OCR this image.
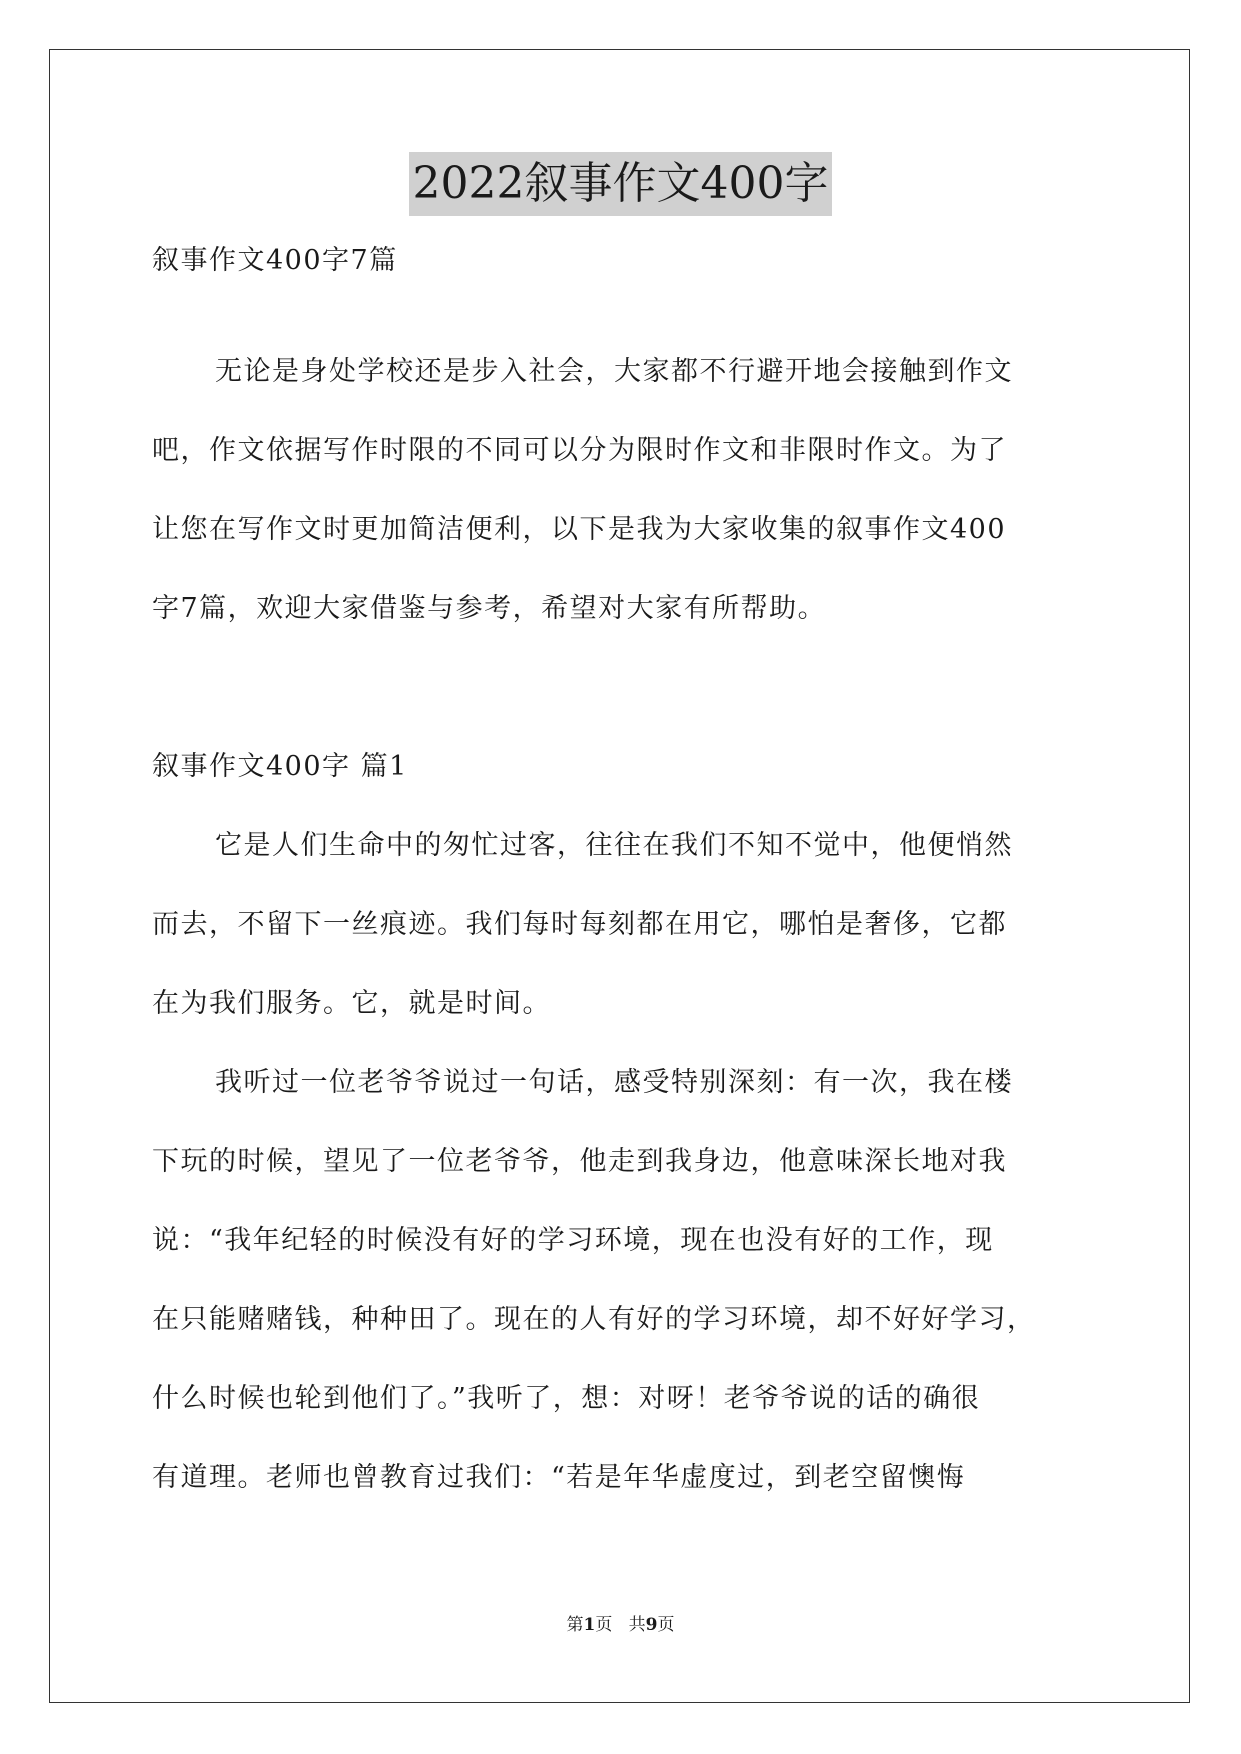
2022叙事作文400字
叙事作文400字7篇
无论是身处学校还是步入社会，大家都不行避开地会接触到作文
吧，作文依据写作时限的不同可以分为限时作文和非限时作文。为了
让您在写作文时更加简洁便利，以下是我为大家收集的叙事作文400
字7篇，欢迎大家借鉴与参考，希望对大家有所帮助。
叙事作文400字 篇1
它是人们生命中的匆忙过客，往往在我们不知不觉中，他便悄然
而去，不留下一丝痕迹。我们每时每刻都在用它，哪怕是奢侈，它都
在为我们服务。它，就是时间。
我听过一位老爷爷说过一句话，感受特别深刻：有一次，我在楼
下玩的时候，望见了一位老爷爷，他走到我身边，他意味深长地对我
说：“我年纪轻的时候没有好的学习环境，现在也没有好的工作，现
在只能赌赌钱，种种田了。现在的人有好的学习环境，却不好好学习，
什么时候也轮到他们了。”我听了，想：对呀！老爷爷说的话的确很
有道理。老师也曾教育过我们：“若是年华虚度过，到老空留懊悔
第1页   共9页
